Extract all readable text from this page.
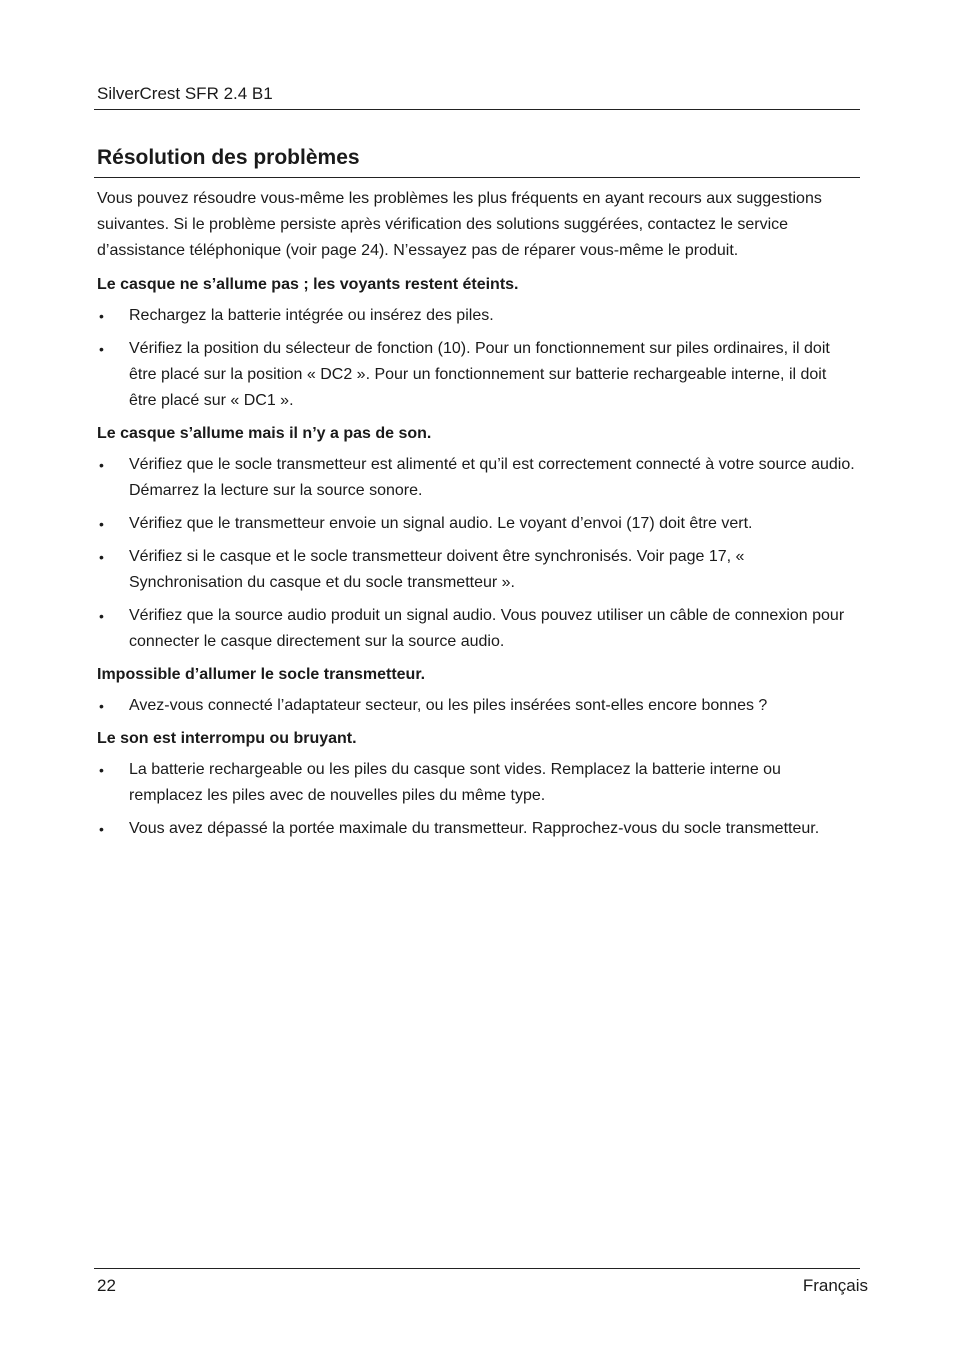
SilverCrest SFR 2.4 B1
Résolution des problèmes

Vous pouvez résoudre vous-même les problèmes les plus fréquents en ayant recours aux suggestions suivantes. Si le problème persiste après vérification des solutions suggérées, contactez le service d’assistance téléphonique (voir page 24). N’essayez pas de réparer vous-même le produit.

Le casque ne s’allume pas ; les voyants restent éteints.

• Rechargez la batterie intégrée ou insérez des piles.
• Vérifiez la position du sélecteur de fonction (10). Pour un fonctionnement sur piles ordinaires, il doit être placé sur la position « DC2 ». Pour un fonctionnement sur batterie rechargeable interne, il doit être placé sur « DC1 ».

Le casque s’allume mais il n’y a pas de son.

• Vérifiez que le socle transmetteur est alimenté et qu’il est correctement connecté à votre source audio. Démarrez la lecture sur la source sonore.
• Vérifiez que le transmetteur envoie un signal audio. Le voyant d’envoi (17) doit être vert.
• Vérifiez si le casque et le socle transmetteur doivent être synchronisés. Voir page 17, « Synchronisation du casque et du socle transmetteur ».
• Vérifiez que la source audio produit un signal audio. Vous pouvez utiliser un câble de connexion pour connecter le casque directement sur la source audio.

Impossible d’allumer le socle transmetteur.

• Avez-vous connecté l’adaptateur secteur, ou les piles insérées sont-elles encore bonnes ?

Le son est interrompu ou bruyant.

• La batterie rechargeable ou les piles du casque sont vides. Remplacez la batterie interne ou remplacez les piles avec de nouvelles piles du même type.
• Vous avez dépassé la portée maximale du transmetteur. Rapprochez-vous du socle transmetteur.
22	Français
